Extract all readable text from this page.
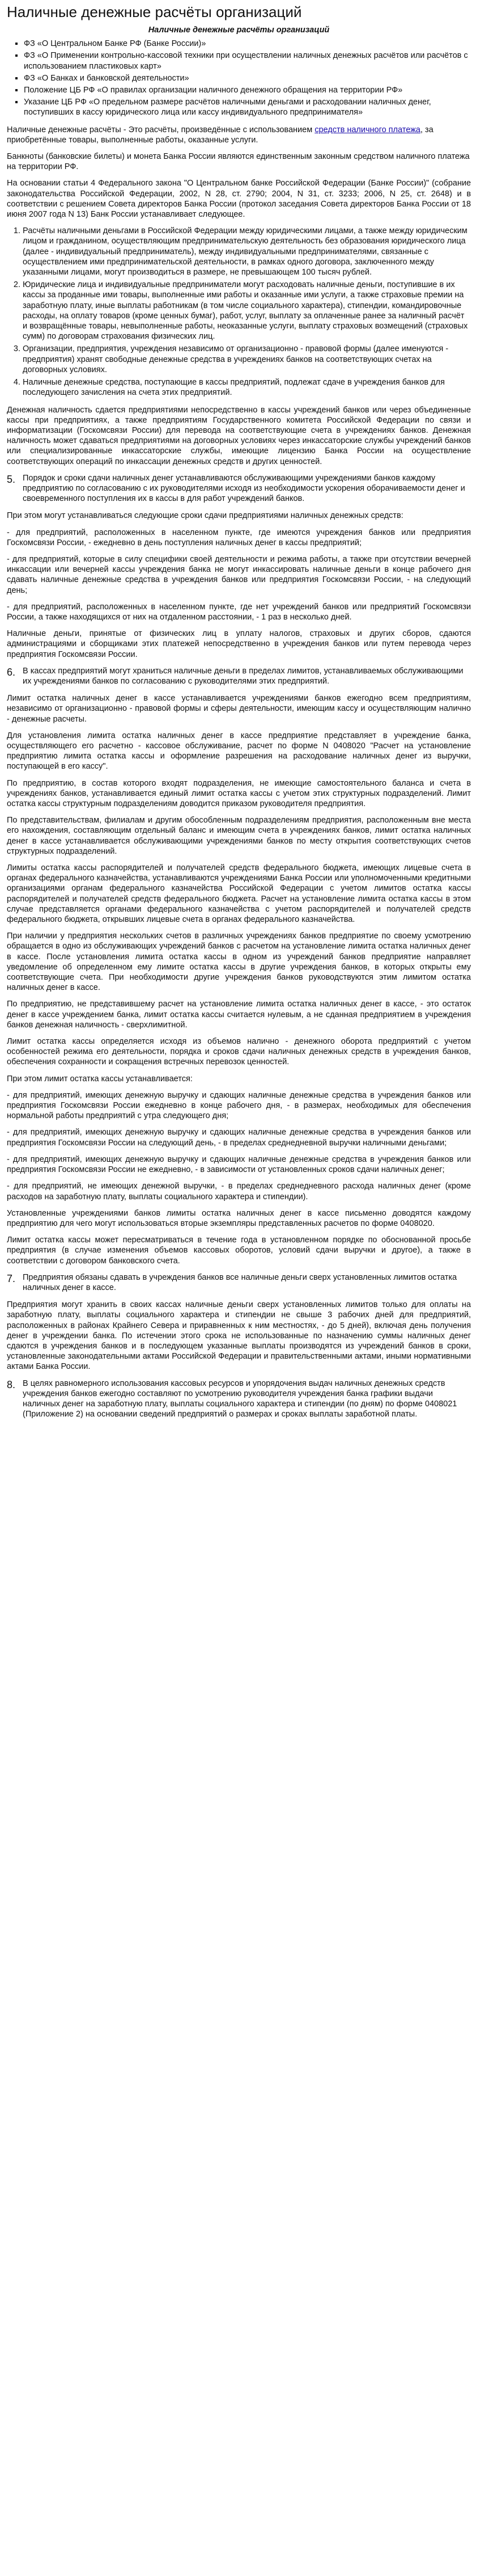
Наличные денежные расчёты организаций
Наличные денежные расчёты организаций
▪ ФЗ «О Центральном Банке РФ (Банке России)»
▪ ФЗ «О Применении контрольно-кассовой техники при осуществлении наличных денежных расчётов или расчётов с использованием пластиковых карт»
▪ ФЗ «О Банках и банковской деятельности»
▪ Положение ЦБ РФ «О правилах организации наличного денежного обращения на территории РФ»
▪ Указание ЦБ РФ «О предельном размере расчётов наличными деньгами и расходовании наличных денег, поступивших в кассу юридического лица или кассу индивидуального предпринимателя»

Наличные денежные расчёты - Это расчёты, произведённые с использованием средств наличного платежа, за приобретённые товары, выполненные работы, оказанные услуги.

Банкноты (банковские билеты) и монета Банка России являются единственным законным средством наличного платежа на территории РФ.

На основании статьи 4 Федерального закона "О Центральном банке Российской Федерации (Банке России)" (собрание законодательства Российской Федерации, 2002, N 28, ст. 2790; 2004, N 31, ст. 3233; 2006, N 25, ст. 2648) и в соответствии с решением Совета директоров Банка России (протокол заседания Совета директоров Банка России от 18 июня 2007 года N 13) Банк России устанавливает следующее.

1. Расчёты наличными деньгами в Российской Федерации между юридическими лицами, а также между юридическим лицом и гражданином, осуществляющим предпринимательскую деятельность без образования юридического лица (далее - индивидуальный предприниматель), между индивидуальными предпринимателями, связанные с осуществлением ими предпринимательской деятельности, в рамках одного договора, заключенного между указанными лицами, могут производиться в размере, не превышающем 100 тысяч рублей.
2. Юридические лица и индивидуальные предприниматели могут расходовать наличные деньги, поступившие в их кассы за проданные ими товары, выполненные ими работы и оказанные ими услуги, а также страховые премии на заработную плату, иные выплаты работникам (в том числе социального характера), стипендии, командировочные расходы, на оплату товаров (кроме ценных бумаг), работ, услуг, выплату за оплаченные ранее за наличный расчёт и возвращённые товары, невыполненные работы, неоказанные услуги, выплату страховых возмещений (страховых сумм) по договорам страхования физических лиц.
3. Организации, предприятия, учреждения независимо от организационно - правовой формы (далее именуются - предприятия) хранят свободные денежные средства в учреждениях банков на соответствующих счетах на договорных условиях.
4. Наличные денежные средства, поступающие в кассы предприятий, подлежат сдаче в учреждения банков для последующего зачисления на счета этих предприятий.

Денежная наличность сдается предприятиями непосредственно в кассы учреждений банков или через объединенные кассы при предприятиях, а также предприятиям Государственного комитета Российской Федерации по связи и информатизации (Госкомсвязи России) для перевода на соответствующие счета в учреждениях банков. Денежная наличность может сдаваться предприятиями на договорных условиях через инкассаторские службы учреждений банков или специализированные инкассаторские службы, имеющие лицензию Банка России на осуществление соответствующих операций по инкассации денежных средств и других ценностей.

5. Порядок и сроки сдачи наличных денег устанавливаются обслуживающими учреждениями банков каждому предприятию по согласованию с их руководителями исходя из необходимости ускорения оборачиваемости денег и своевременного поступления их в кассы в для работ учреждений банков.

При этом могут устанавливаться следующие сроки сдачи предприятиями наличных денежных средств:

- для предприятий, расположенных в населенном пункте, где имеются учреждения банков или предприятия Госкомсвязи России, - ежедневно в день поступления наличных денег в кассы предприятий;

- для предприятий, которые в силу специфики своей деятельности и режима работы, а также при отсутствии вечерней инкассации или вечерней кассы учреждения банка не могут инкассировать наличные деньги в конце рабочего дня сдавать наличные денежные средства в учреждения банков или предприятия Госкомсвязи России, - на следующий день;

- для предприятий, расположенных в населенном пункте, где нет учреждений банков или предприятий Госкомсвязи России, а также находящихся от них на отдаленном расстоянии, - 1 раз в несколько дней.

Наличные деньги, принятые от физических лиц в уплату налогов, страховых и других сборов, сдаются администрациями и сборщиками этих платежей непосредственно в учреждения банков или путем перевода через предприятия Госкомсвязи России.

6. В кассах предприятий могут храниться наличные деньги в пределах лимитов, устанавливаемых обслуживающими их учреждениями банков по согласованию с руководителями этих предприятий.

Лимит остатка наличных денег в кассе устанавливается учреждениями банков ежегодно всем предприятиям, независимо от организационно - правовой формы и сферы деятельности, имеющим кассу и осуществляющим налично - денежные расчеты.

Для установления лимита остатка наличных денег в кассе предприятие представляет в учреждение банка, осуществляющего его расчетно - кассовое обслуживание, расчет по форме N 0408020 "Расчет на установление предприятию лимита остатка кассы и оформление разрешения на расходование наличных денег из выручки, поступающей в его кассу".

По предприятию, в состав которого входят подразделения, не имеющие самостоятельного баланса и счета в учреждениях банков, устанавливается единый лимит остатка кассы с учетом этих структурных подразделений. Лимит остатка кассы структурным подразделениям доводится приказом руководителя предприятия.

По представительствам, филиалам и другим обособленным подразделениям предприятия, расположенным вне места его нахождения, составляющим отдельный баланс и имеющим счета в учреждениях банков, лимит остатка наличных денег в кассе устанавливается обслуживающими учреждениями банков по месту открытия соответствующих счетов структурных подразделений.

Лимиты остатка кассы распорядителей и получателей средств федерального бюджета, имеющих лицевые счета в органах федерального казначейства, устанавливаются учреждениями Банка России или уполномоченными кредитными организациями органам федерального казначейства Российской Федерации с учетом лимитов остатка кассы распорядителей и получателей средств федерального бюджета. Расчет на установление лимита остатка кассы в этом случае представляется органами федерального казначейства с учетом распорядителей и получателей средств федерального бюджета, открывших лицевые счета в органах федерального казначейства.

При наличии у предприятия нескольких счетов в различных учреждениях банков предприятие по своему усмотрению обращается в одно из обслуживающих учреждений банков с расчетом на установление лимита остатка наличных денег в кассе. После установления лимита остатка кассы в одном из учреждений банков предприятие направляет уведомление об определенном ему лимите остатка кассы в другие учреждения банков, в которых открыты ему соответствующие счета. При необходимости другие учреждения банков руководствуются этим лимитом остатка наличных денег в кассе.

По предприятию, не представившему расчет на установление лимита остатка наличных денег в кассе, - это остаток денег в кассе учреждением банка, лимит остатка кассы считается нулевым, а не сданная предприятием в учреждения банков денежная наличность - сверхлимитной.

Лимит остатка кассы определяется исходя из объемов налично - денежного оборота предприятий с учетом особенностей режима его деятельности, порядка и сроков сдачи наличных денежных средств в учреждения банков, обеспечения сохранности и сокращения встречных перевозок ценностей.

При этом лимит остатка кассы устанавливается:

- для предприятий, имеющих денежную выручку и сдающих наличные денежные средства в учреждения банков или предприятия Госкомсвязи России ежедневно в конце рабочего дня, - в размерах, необходимых для обеспечения нормальной работы предприятий с утра следующего дня;

- для предприятий, имеющих денежную выручку и сдающих наличные денежные средства в учреждения банков или предприятия Госкомсвязи России на следующий день, - в пределах среднедневной выручки наличными деньгами;

- для предприятий, имеющих денежную выручку и сдающих наличные денежные средства в учреждения банков или предприятия Госкомсвязи России не ежедневно, - в зависимости от установленных сроков сдачи наличных денег;

- для предприятий, не имеющих денежной выручки, - в пределах среднедневного расхода наличных денег (кроме расходов на заработную плату, выплаты социального характера и стипендии).

Установленные учреждениями банков лимиты остатка наличных денег в кассе письменно доводятся каждому предприятию для чего могут использоваться вторые экземпляры представленных расчетов по форме 0408020.

Лимит остатка кассы может пересматриваться в течение года в установленном порядке по обоснованной просьбе предприятия (в случае изменения объемов кассовых оборотов, условий сдачи выручки и другое), а также в соответствии с договором банковского счета.

7. Предприятия обязаны сдавать в учреждения банков все наличные деньги сверх установленных лимитов остатка наличных денег в кассе.

Предприятия могут хранить в своих кассах наличные деньги сверх установленных лимитов только для оплаты на заработную плату, выплаты социального характера и стипендии не свыше 3 рабочих дней для предприятий, расположенных в районах Крайнего Севера и приравненных к ним местностях, - до 5 дней), включая день получения денег в учреждении банка. По истечении этого срока не использованные по назначению суммы наличных денег сдаются в учреждения банков и в последующем указанные выплаты производятся из учреждений банков в сроки, установленные законодательными актами Российской Федерации и правительственными актами, иными нормативными актами Банка России.

8. В целях равномерного использования кассовых ресурсов и упорядочения выдач наличных денежных средств учреждения банков ежегодно составляют по усмотрению руководителя учреждения банка графики выдачи наличных денег на заработную плату, выплаты социального характера и стипендии (по дням) по форме 0408021 (Приложение 2) на основании сведений предприятий о размерах и сроках выплаты заработной платы.
